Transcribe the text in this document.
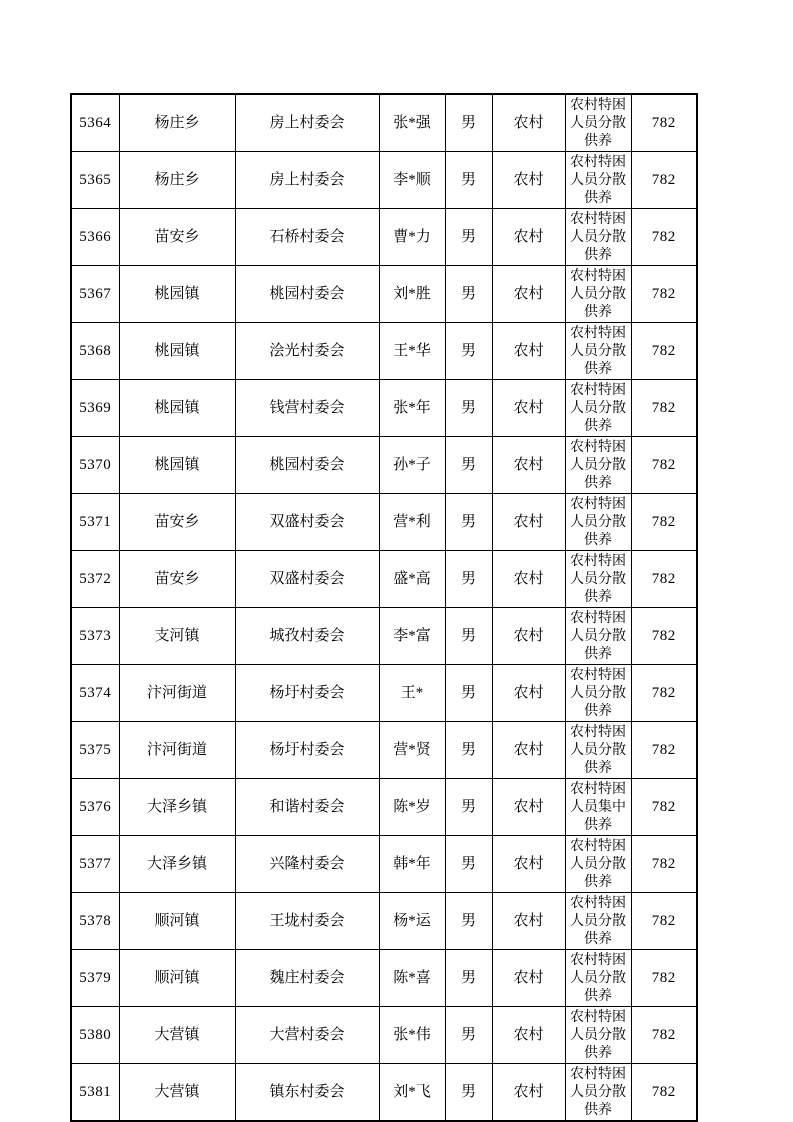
5364	杨庄乡	房上村委会	张*强	男	农村	农村特困人员分散供养	782
5365	杨庄乡	房上村委会	李*顺	男	农村	农村特困人员分散供养	782
5366	苗安乡	石桥村委会	曹*力	男	农村	农村特困人员分散供养	782
5367	桃园镇	桃园村委会	刘*胜	男	农村	农村特困人员分散供养	782
5368	桃园镇	浍光村委会	王*华	男	农村	农村特困人员分散供养	782
5369	桃园镇	钱营村委会	张*年	男	农村	农村特困人员分散供养	782
5370	桃园镇	桃园村委会	孙*子	男	农村	农村特困人员分散供养	782
5371	苗安乡	双盛村委会	营*利	男	农村	农村特困人员分散供养	782
5372	苗安乡	双盛村委会	盛*高	男	农村	农村特困人员分散供养	782
5373	支河镇	城孜村委会	李*富	男	农村	农村特困人员分散供养	782
5374	汴河街道	杨圩村委会	王*	男	农村	农村特困人员分散供养	782
5375	汴河街道	杨圩村委会	营*贤	男	农村	农村特困人员分散供养	782
5376	大泽乡镇	和谐村委会	陈*岁	男	农村	农村特困人员集中供养	782
5377	大泽乡镇	兴隆村委会	韩*年	男	农村	农村特困人员分散供养	782
5378	顺河镇	王垅村委会	杨*运	男	农村	农村特困人员分散供养	782
5379	顺河镇	魏庄村委会	陈*喜	男	农村	农村特困人员分散供养	782
5380	大营镇	大营村委会	张*伟	男	农村	农村特困人员分散供养	782
5381	大营镇	镇东村委会	刘*飞	男	农村	农村特困人员分散供养	782
